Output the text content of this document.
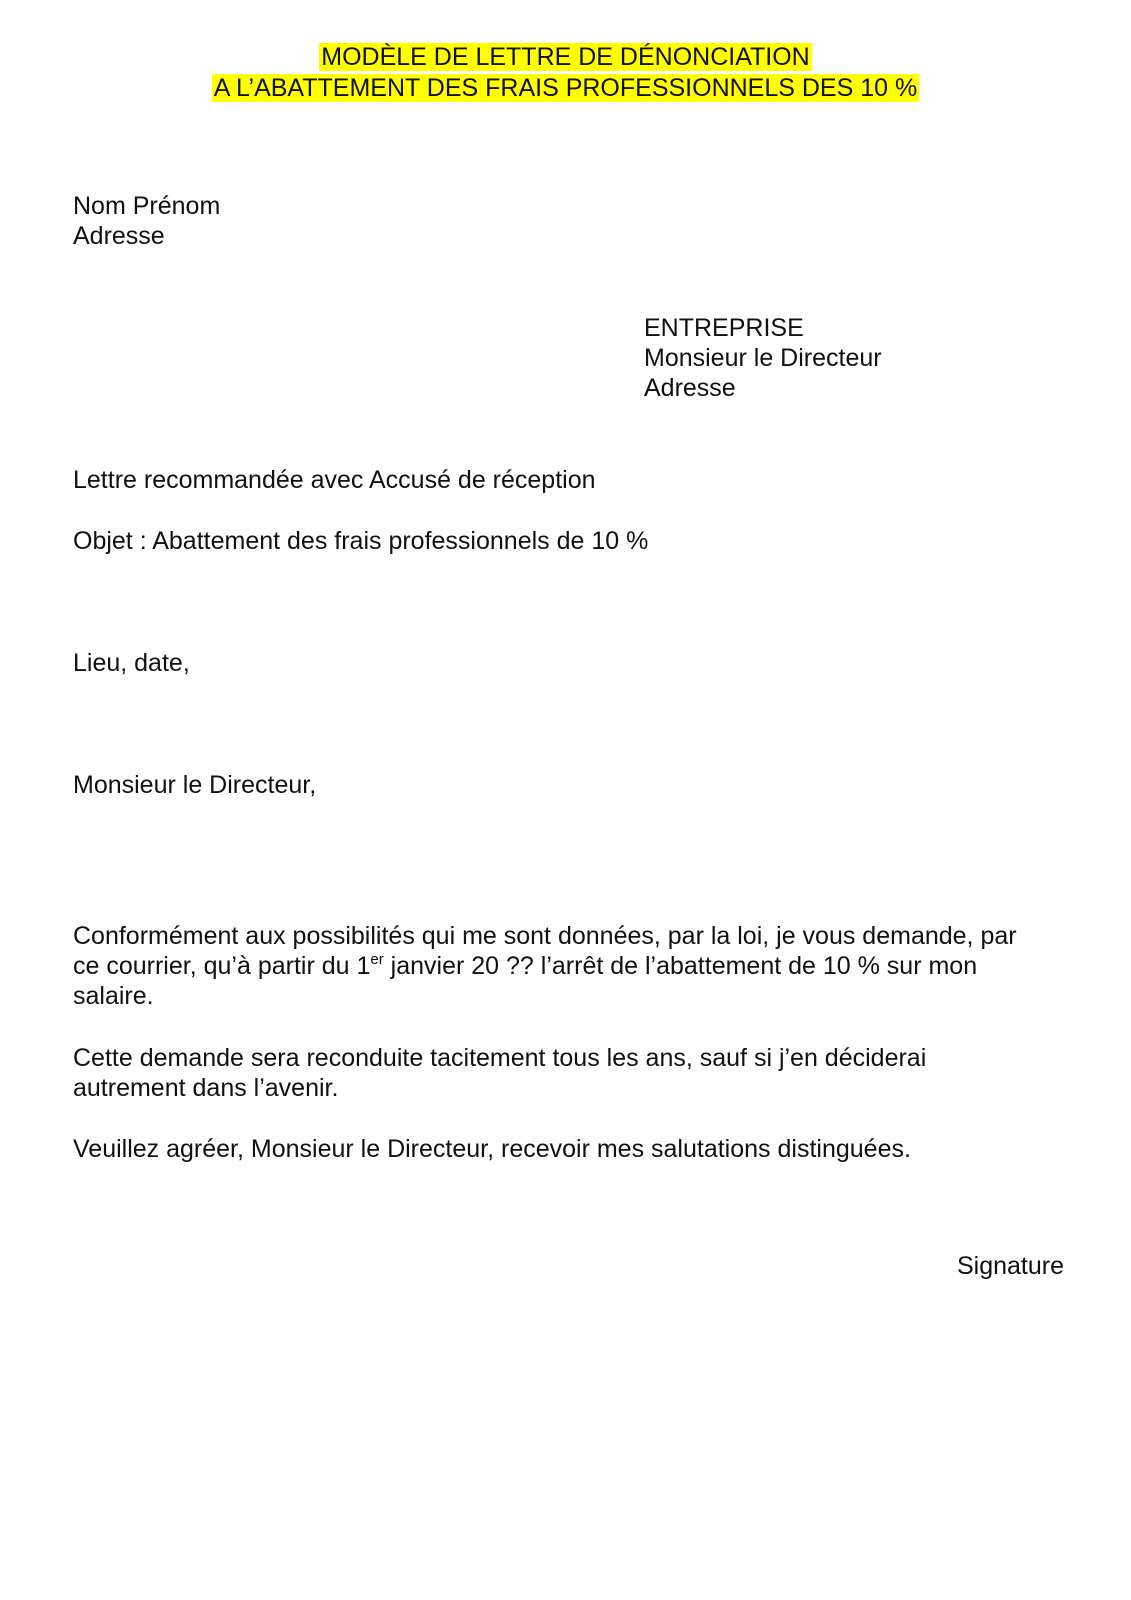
MODÈLE DE LETTRE DE DÉNONCIATION
A L’ABATTEMENT DES FRAIS PROFESSIONNELS DES 10 %
Nom Prénom
Adresse
ENTREPRISE
Monsieur le Directeur
Adresse
Lettre recommandée avec Accusé de réception
Objet : Abattement des frais professionnels de 10 %
Lieu, date,
Monsieur le Directeur,
Conformément aux possibilités qui me sont données, par la loi, je vous demande, par
ce courrier, qu’à partir du 1er janvier 20 ?? l’arrêt de l’abattement de 10 % sur mon
salaire.
Cette demande sera reconduite tacitement tous les ans, sauf si j’en déciderai
autrement dans l’avenir.
Veuillez agréer, Monsieur le Directeur, recevoir mes salutations distinguées.
Signature
